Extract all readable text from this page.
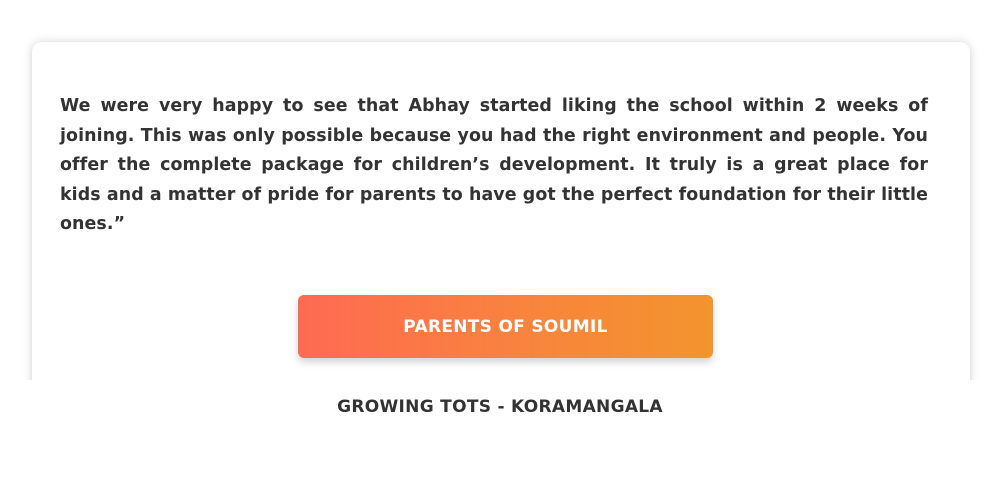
We were very happy to see that Abhay started liking the school within 2 weeks of joining. This was only possible because you had the right environment and people. You offer the complete package for children’s development. It truly is a great place for kids and a matter of pride for parents to have got the perfect foundation for their little ones.”

PARENTS OF SOUMIL
GROWING TOTS - KORAMANGALA
